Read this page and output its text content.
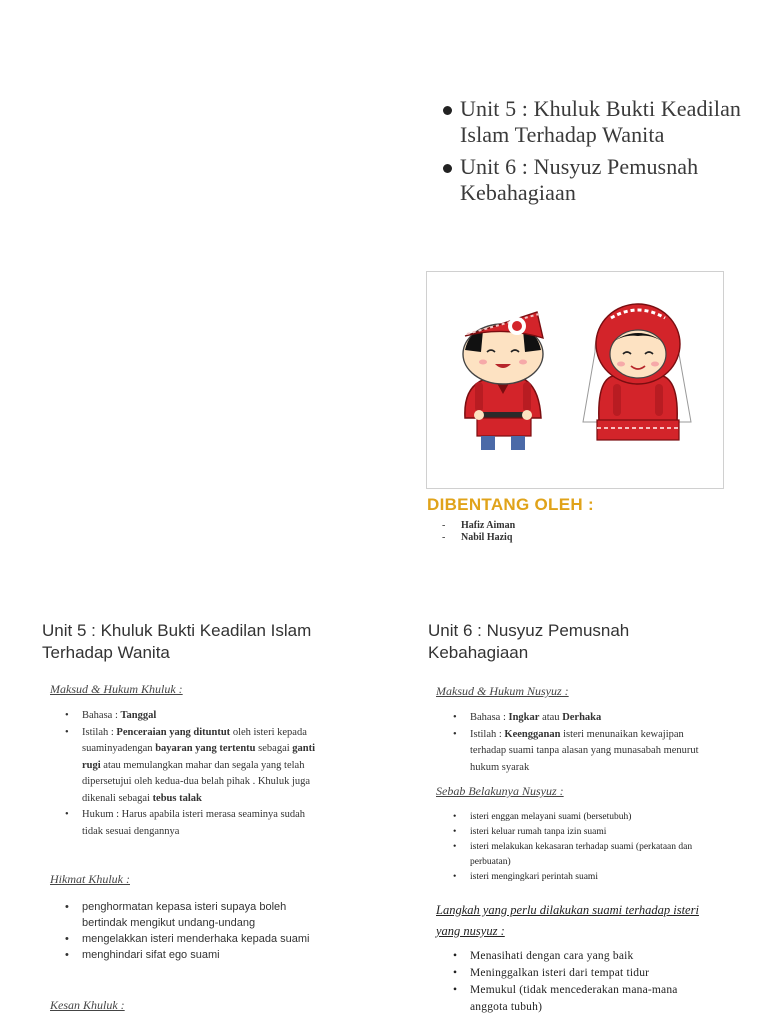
Unit 5 : Khuluk Bukti Keadilan Islam Terhadap Wanita
Unit 6 : Nusyuz Pemusnah Kebahagiaan
DIBENTANG OLEH :
-	Hafiz Aiman
-	Nabil Haziq
Unit 5 : Khuluk Bukti Keadilan Islam Terhadap Wanita
Maksud & Hukum Khuluk :
• Bahasa : Tanggal
• Istilah : Penceraian yang dituntut oleh isteri kepada suaminyadengan bayaran yang tertentu sebagai ganti rugi atau memulangkan mahar dan segala yang telah dipersetujui oleh kedua-dua belah pihak . Khuluk juga dikenali sebagai tebus talak
• Hukum : Harus apabila isteri merasa seaminya sudah tidak sesuai dengannya
Hikmat Khuluk :
• penghormatan kepasa isteri supaya boleh bertindak mengikut undang-undang
• mengelakkan isteri menderhaka kepada suami
• menghindari sifat ego suami
Kesan Khuluk :
Unit 6 : Nusyuz Pemusnah Kebahagiaan
Maksud & Hukum Nusyuz :
• Bahasa : Ingkar atau Derhaka
• Istilah : Keengganan isteri menunaikan kewajipan terhadap suami tanpa alasan yang munasabah menurut hukum syarak
Sebab Belakunya Nusyuz :
• isteri enggan melayani suami (bersetubuh)
• isteri keluar rumah tanpa izin suami
• isteri melakukan kekasaran terhadap suami (perkataan dan perbuatan)
• isteri mengingkari perintah suami
Langkah yang perlu dilakukan suami terhadap isteri yang nusyuz :
• Menasihati dengan cara yang baik
• Meninggalkan isteri dari tempat tidur
• Memukul (tidak mencederakan mana-mana anggota tubuh)
